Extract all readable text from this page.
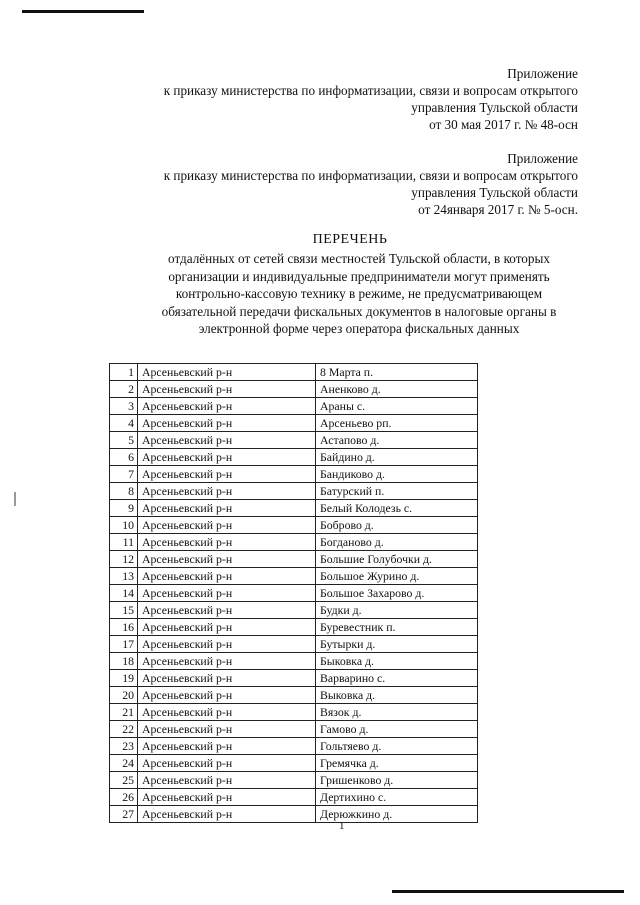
Приложение
к приказу министерства по информатизации, связи и вопросам открытого
управления Тульской области
от 30 мая 2017 г. № 48-осн
Приложение
к приказу министерства по информатизации, связи и вопросам открытого
управления Тульской области
от 24января 2017 г. № 5-осн.
ПЕРЕЧЕНЬ
отдалённых от сетей связи местностей Тульской области, в которых
организации и индивидуальные предприниматели могут применять
контрольно-кассовую технику в режиме, не предусматривающем
обязательной передачи фискальных документов в налоговые органы в
электронной форме через оператора фискальных данных
1	Арсеньевский р-н	8 Марта п.
2	Арсеньевский р-н	Аненково д.
3	Арсеньевский р-н	Араны с.
4	Арсеньевский р-н	Арсеньево рп.
5	Арсеньевский р-н	Астапово д.
6	Арсеньевский р-н	Байдино д.
7	Арсеньевский р-н	Бандиково д.
8	Арсеньевский р-н	Батурский п.
9	Арсеньевский р-н	Белый Колодезь с.
10	Арсеньевский р-н	Боброво д.
11	Арсеньевский р-н	Богданово д.
12	Арсеньевский р-н	Большие Голубочки д.
13	Арсеньевский р-н	Большое Журино д.
14	Арсеньевский р-н	Большое Захарово д.
15	Арсеньевский р-н	Будки д.
16	Арсеньевский р-н	Буревестник п.
17	Арсеньевский р-н	Бутырки д.
18	Арсеньевский р-н	Быковка д.
19	Арсеньевский р-н	Варварино с.
20	Арсеньевский р-н	Выковка д.
21	Арсеньевский р-н	Вязок д.
22	Арсеньевский р-н	Гамово д.
23	Арсеньевский р-н	Гольтяево д.
24	Арсеньевский р-н	Гремячка д.
25	Арсеньевский р-н	Гришенково д.
26	Арсеньевский р-н	Дертихино с.
27	Арсеньевский р-н	Дерюжкино д.
1
